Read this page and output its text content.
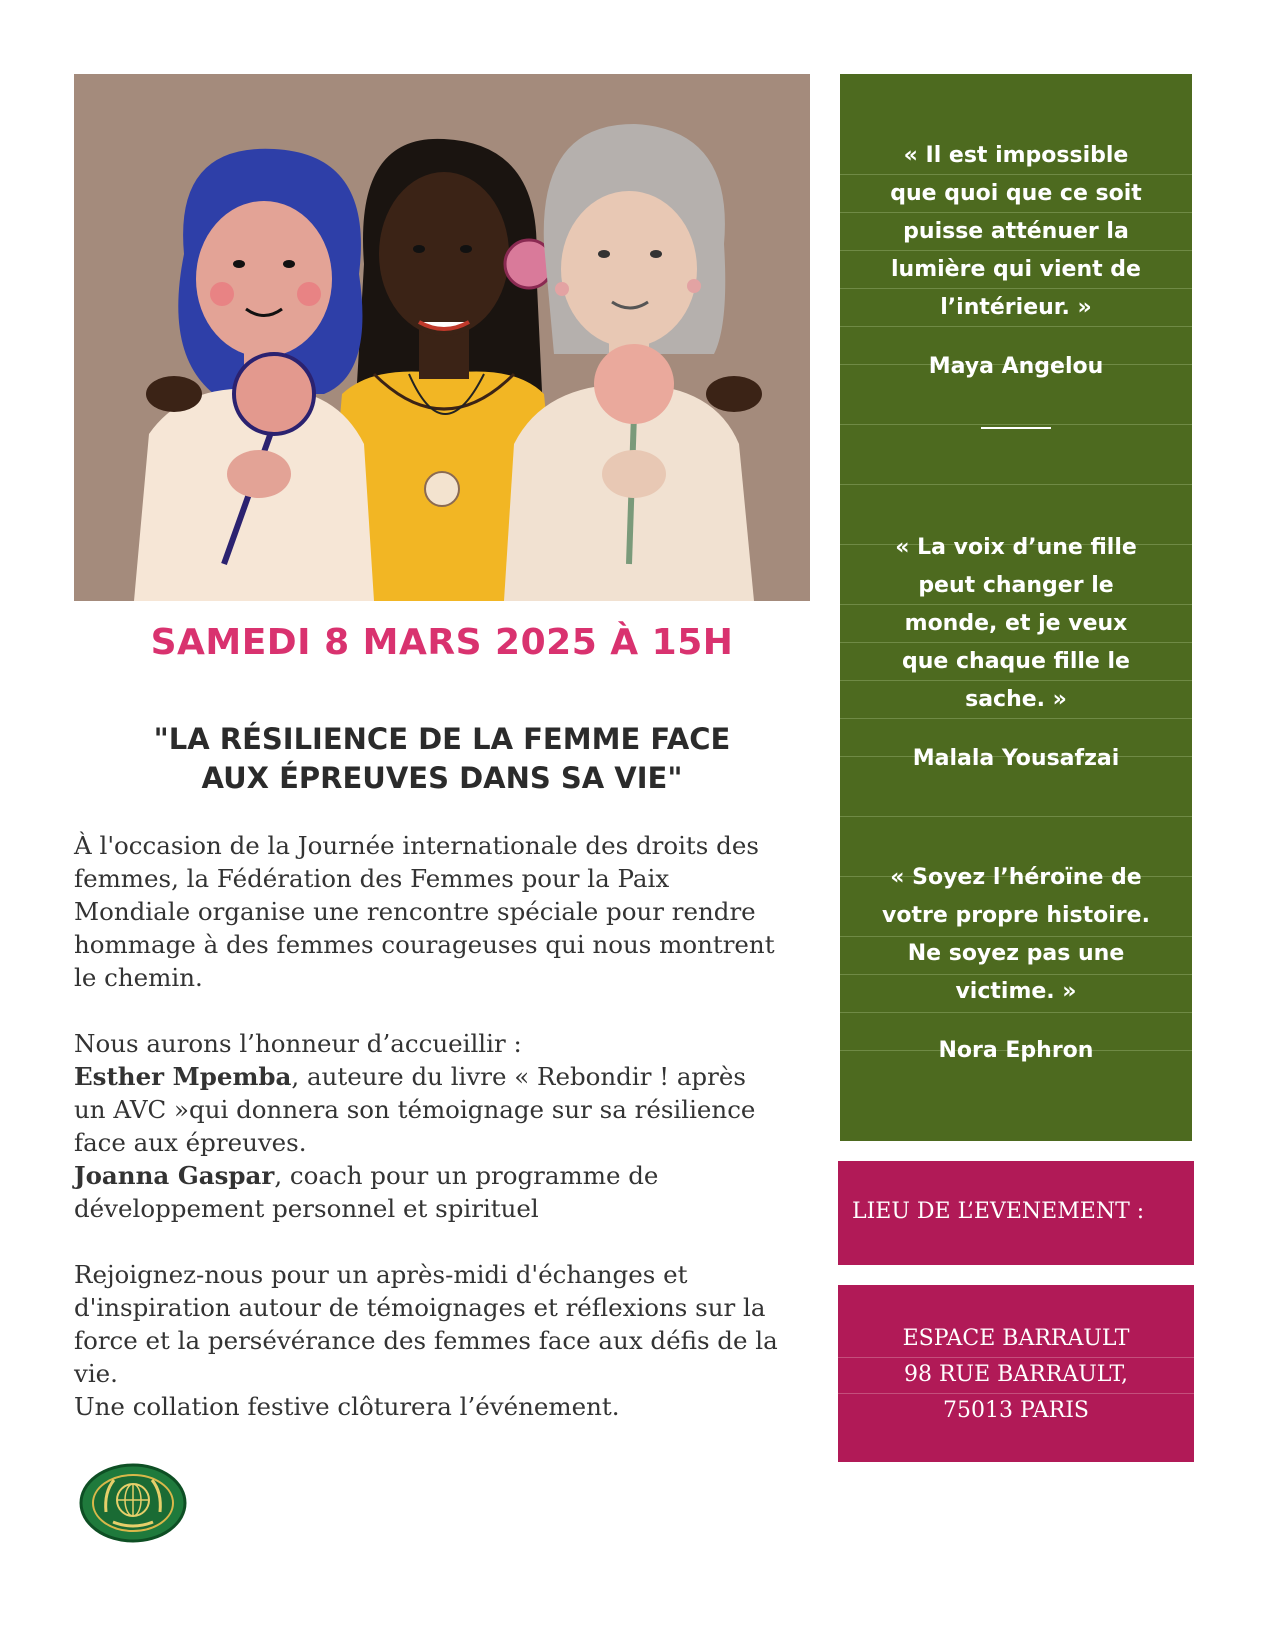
SAMEDI 8 MARS 2025 À 15H
"LA RÉSILIENCE DE LA FEMME FACE
AUX ÉPREUVES DANS SA VIE"

À l'occasion de la Journée internationale des droits des

femmes, la Fédération des Femmes pour la Paix

Mondiale organise une rencontre spéciale pour rendre

hommage à des femmes courageuses qui nous montrent

le chemin.

Nous aurons l’honneur d’accueillir :

Esther Mpemba, auteure du livre « Rebondir ! après

un AVC »qui donnera son témoignage sur sa résilience

face aux épreuves.

Joanna Gaspar, coach pour un programme de

développement personnel et spirituel

Rejoignez-nous pour un après-midi d'échanges et

d'inspiration autour de témoignages et réflexions sur la

force et la persévérance des femmes face aux défis de la

vie.

Une collation festive clôturera l’événement.

« Il est impossible
que quoi que ce soit
puisse atténuer la
lumière qui vient de
l’intérieur. »
Maya Angelou
« La voix d’une fille
peut changer le
monde, et je veux
que chaque fille le
sache. »
Malala Yousafzai
« Soyez l’héroïne de
votre propre histoire.
Ne soyez pas une
victime. »
Nora Ephron
LIEU DE L’EVENEMENT :
ESPACE BARRAULT
98 RUE BARRAULT,
75013 PARIS
